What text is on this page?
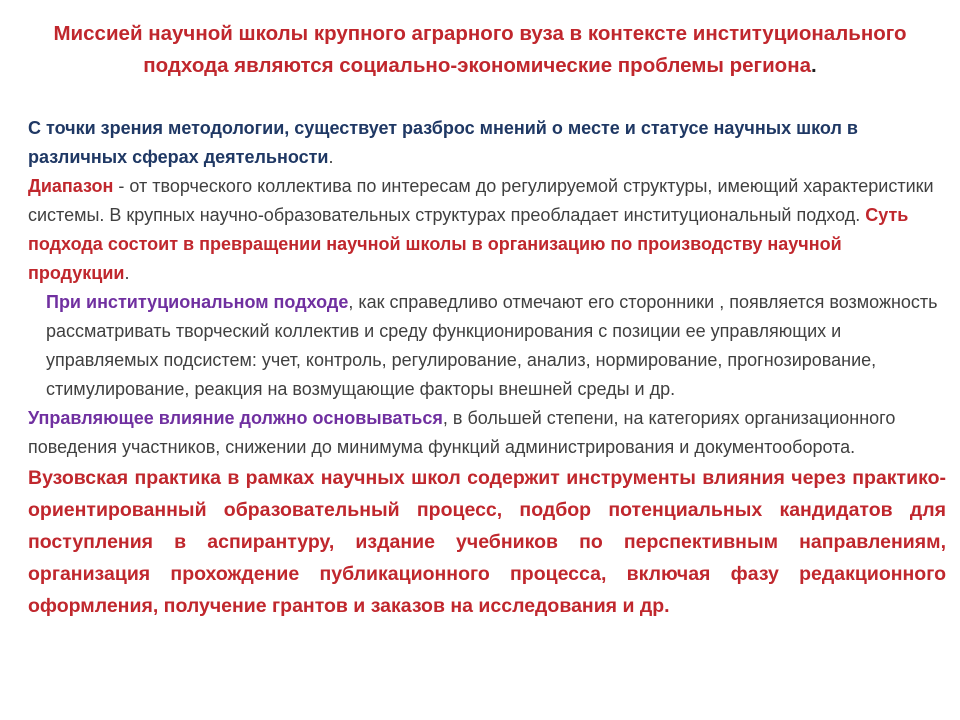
Миссией научной школы крупного аграрного вуза в контексте институционального подхода являются социально-экономические проблемы региона.

С точки зрения методологии, существует разброс мнений о месте и статусе научных школ в различных сферах деятельности.

Диапазон - от творческого коллектива по интересам до регулируемой структуры, имеющий характеристики системы. В крупных научно-образовательных структурах преобладает институциональный подход. Суть подхода состоит в превращении научной школы в организацию по производству научной продукции.

При институциональном подходе, как справедливо отмечают его сторонники , появляется возможность рассматривать творческий коллектив и среду функционирования с позиции ее управляющих и управляемых подсистем: учет, контроль, регулирование, анализ, нормирование, прогнозирование, стимулирование, реакция на возмущающие факторы внешней среды и др.

Управляющее влияние должно основываться, в большей степени, на категориях организационного поведения участников, снижении до минимума функций администрирования и документооборота.

Вузовская практика в рамках научных школ содержит инструменты влияния через практико-ориентированный образовательный процесс, подбор потенциальных кандидатов для поступления в аспирантуру, издание учебников по перспективным направлениям, организация прохождение публикационного процесса, включая фазу редакционного оформления, получение грантов и заказов на исследования и др.
